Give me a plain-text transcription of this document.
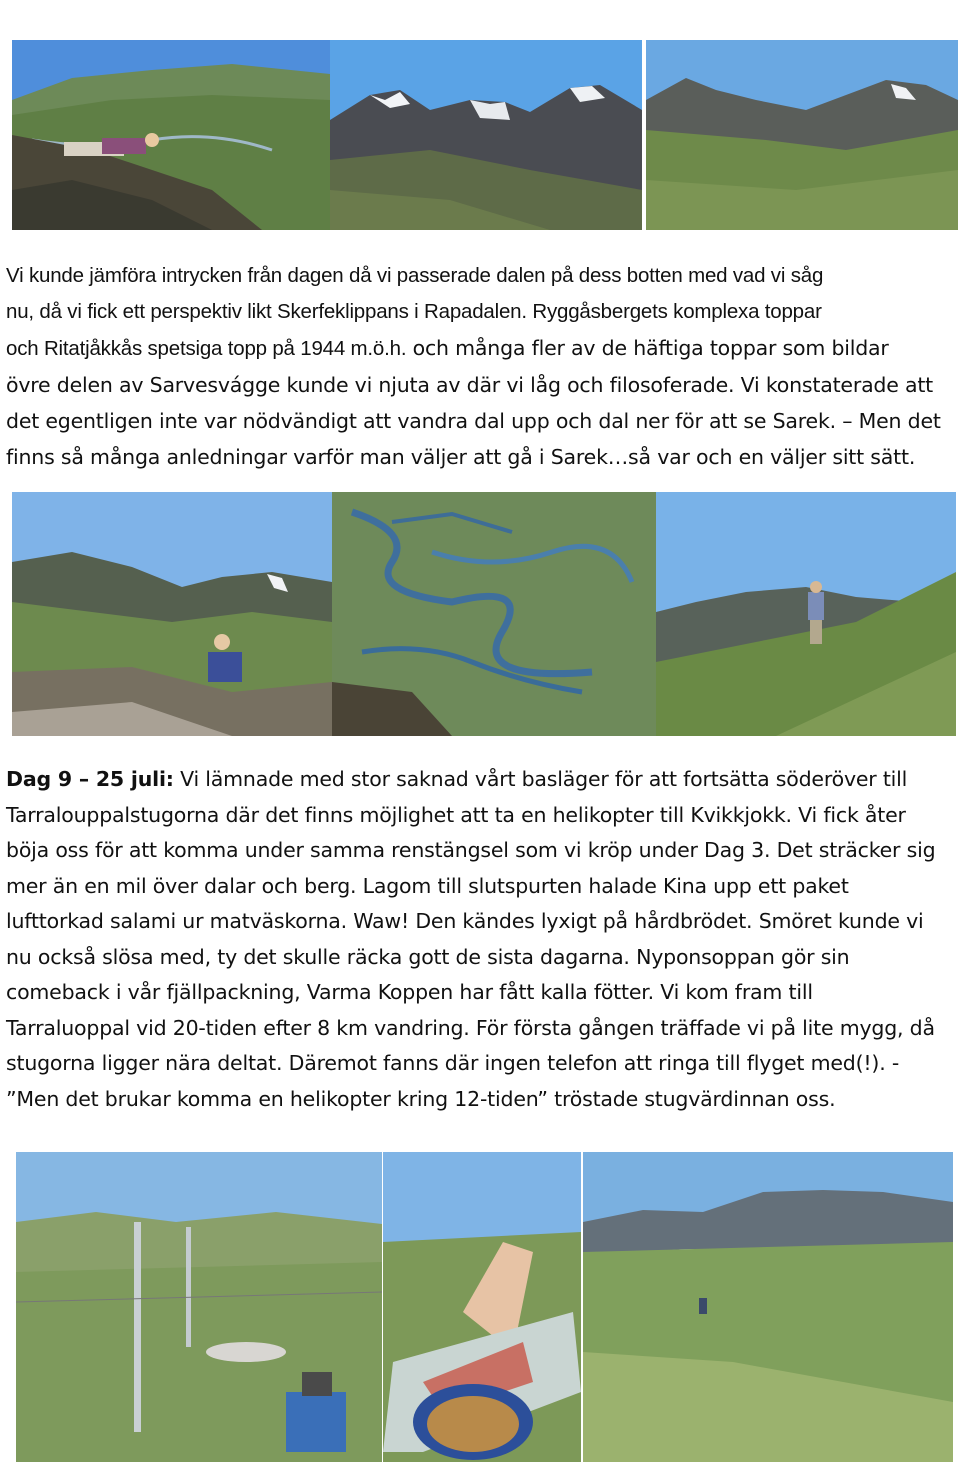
Vi kunde jämföra intrycken från dagen då vi passerade dalen på dess botten med vad vi såg
nu, då vi fick ett perspektiv likt Skerfeklippans i Rapadalen. Ryggåsbergets komplexa toppar
och Ritatjåkkås spetsiga topp på 1944 m.ö.h. och många fler av de häftiga toppar som bildar
övre delen av Sarvesvágge kunde vi njuta av där vi låg och filosoferade. Vi konstaterade att
det egentligen inte var nödvändigt att vandra dal upp och dal ner för att se Sarek. – Men det
finns så många anledningar varför man väljer att gå i Sarek…så var och en väljer sitt sätt.

Dag 9 – 25 juli: Vi lämnade med stor saknad vårt basläger för att fortsätta söderöver till
Tarralouppalstugorna där det finns möjlighet att ta en helikopter till Kvikkjokk. Vi fick åter
böja oss för att komma under samma renstängsel som vi kröp under Dag 3. Det sträcker sig
mer än en mil över dalar och berg. Lagom till slutspurten halade Kina upp ett paket
lufttorkad salami ur matväskorna. Waw! Den kändes lyxigt på hårdbrödet. Smöret kunde vi
nu också slösa med, ty det skulle räcka gott de sista dagarna. Nyponsoppan gör sin
comeback i vår fjällpackning, Varma Koppen har fått kalla fötter. Vi kom fram till
Tarraluoppal vid 20-tiden efter 8 km vandring. För första gången träffade vi på lite mygg, då
stugorna ligger nära deltat. Däremot fanns där ingen telefon att ringa till flyget med(!). -
”Men det brukar komma en helikopter kring 12-tiden” tröstade stugvärdinnan oss.
